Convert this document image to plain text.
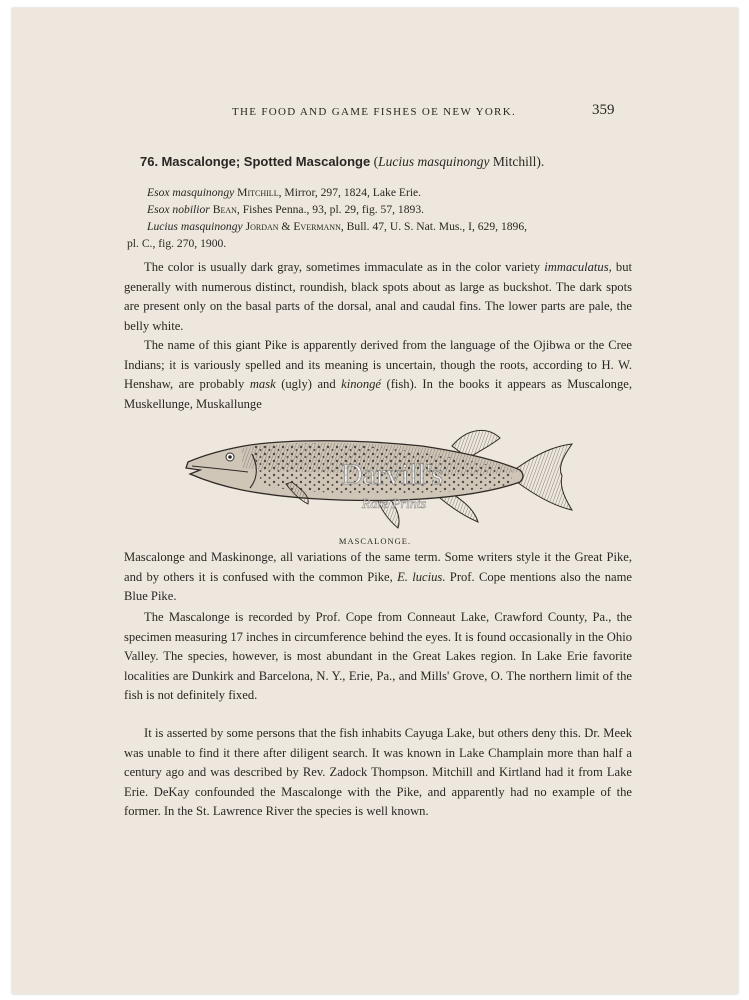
THE FOOD AND GAME FISHES OE NEW YORK.	359
76. Mascalonge; Spotted Mascalonge (Lucius masquinongy Mitchill).
Esox masquinongy Mitchill, Mirror, 297, 1824, Lake Erie.
Esox nobilior Bean, Fishes Penna., 93, pl. 29, fig. 57, 1893.
Lucius masquinongy Jordan & Evermann, Bull. 47, U. S. Nat. Mus., I, 629, 1896,
pl. C., fig. 270, 1900.

The color is usually dark gray, sometimes immaculate as in the color variety immaculatus, but generally with numerous distinct, roundish, black spots about as large as buckshot. The dark spots are present only on the basal parts of the dorsal, anal and caudal fins. The lower parts are pale, the belly white.

The name of this giant Pike is apparently derived from the language of the Ojibwa or the Cree Indians; it is variously spelled and its meaning is uncertain, though the roots, according to H. W. Henshaw, are probably mask (ugly) and kinongé (fish). In the books it appears as Muscalonge, Muskellunge, Muskallunge

Darvill's
Rare Prints
MASCALONGE.

Mascalonge and Maskinonge, all variations of the same term. Some writers style it the Great Pike, and by others it is confused with the common Pike, E. lucius. Prof. Cope mentions also the name Blue Pike.

The Mascalonge is recorded by Prof. Cope from Conneaut Lake, Crawford County, Pa., the specimen measuring 17 inches in circumference behind the eyes. It is found occasionally in the Ohio Valley. The species, however, is most abundant in the Great Lakes region. In Lake Erie favorite localities are Dunkirk and Barcelona, N. Y., Erie, Pa., and Mills' Grove, O. The northern limit of the fish is not definitely fixed.

It is asserted by some persons that the fish inhabits Cayuga Lake, but others deny this. Dr. Meek was unable to find it there after diligent search. It was known in Lake Champlain more than half a century ago and was described by Rev. Zadock Thompson. Mitchill and Kirtland had it from Lake Erie. DeKay confounded the Mascalonge with the Pike, and apparently had no example of the former. In the St. Lawrence River the species is well known.
